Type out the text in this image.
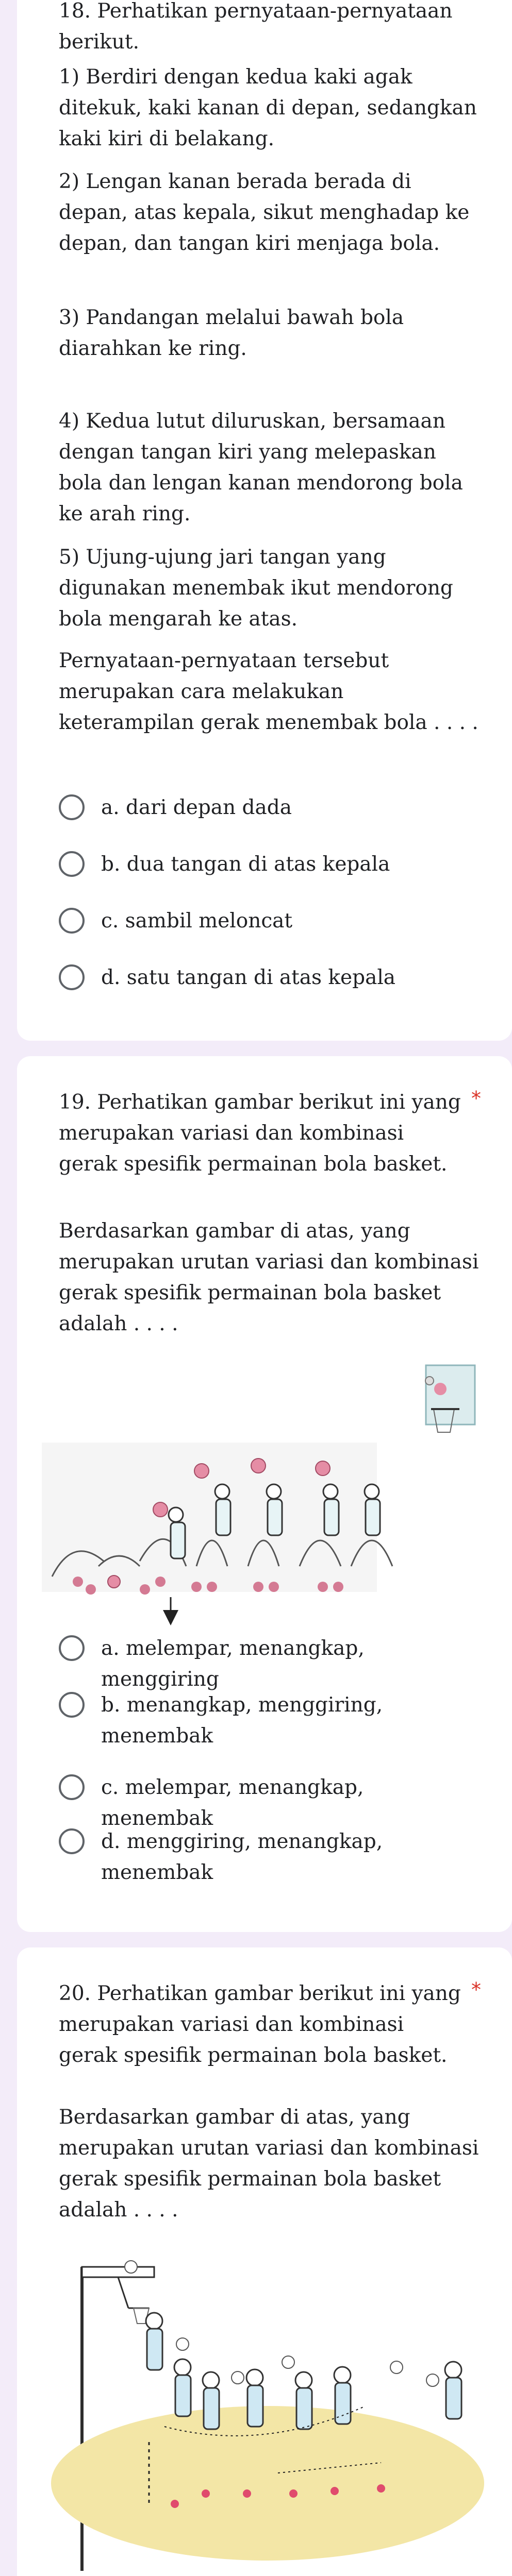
18. Perhatikan pernyataan-pernyataan berikut.

1) Berdiri dengan kedua kaki agak ditekuk, kaki kanan di depan, sedangkan kaki kiri di belakang.

2) Lengan kanan berada berada di depan, atas kepala, sikut menghadap ke depan, dan tangan kiri menjaga bola.

3) Pandangan melalui bawah bola diarahkan ke ring.

4) Kedua lutut diluruskan, bersamaan dengan tangan kiri yang melepaskan bola dan lengan kanan mendorong bola ke arah ring.

5) Ujung-ujung jari tangan yang digunakan menembak ikut mendorong bola mengarah ke atas.

Pernyataan-pernyataan tersebut merupakan cara melakukan keterampilan gerak menembak bola . . . .

a. dari depan dada
b. dua tangan di atas kepala
c. sambil meloncat
d. satu tangan di atas kepala

19. Perhatikan gambar berikut ini yang merupakan variasi dan kombinasi gerak spesifik permainan bola basket.

*

Berdasarkan gambar di atas, yang merupakan urutan variasi dan kombinasi gerak spesifik permainan bola basket adalah . . . .

a. melempar, menangkap, menggiring
b. menangkap, menggiring, menembak
c. melempar, menangkap, menembak
d. menggiring, menangkap, menembak

20. Perhatikan gambar berikut ini yang merupakan variasi dan kombinasi gerak spesifik permainan bola basket.

*

Berdasarkan gambar di atas, yang merupakan urutan variasi dan kombinasi gerak spesifik permainan bola basket adalah . . . .
